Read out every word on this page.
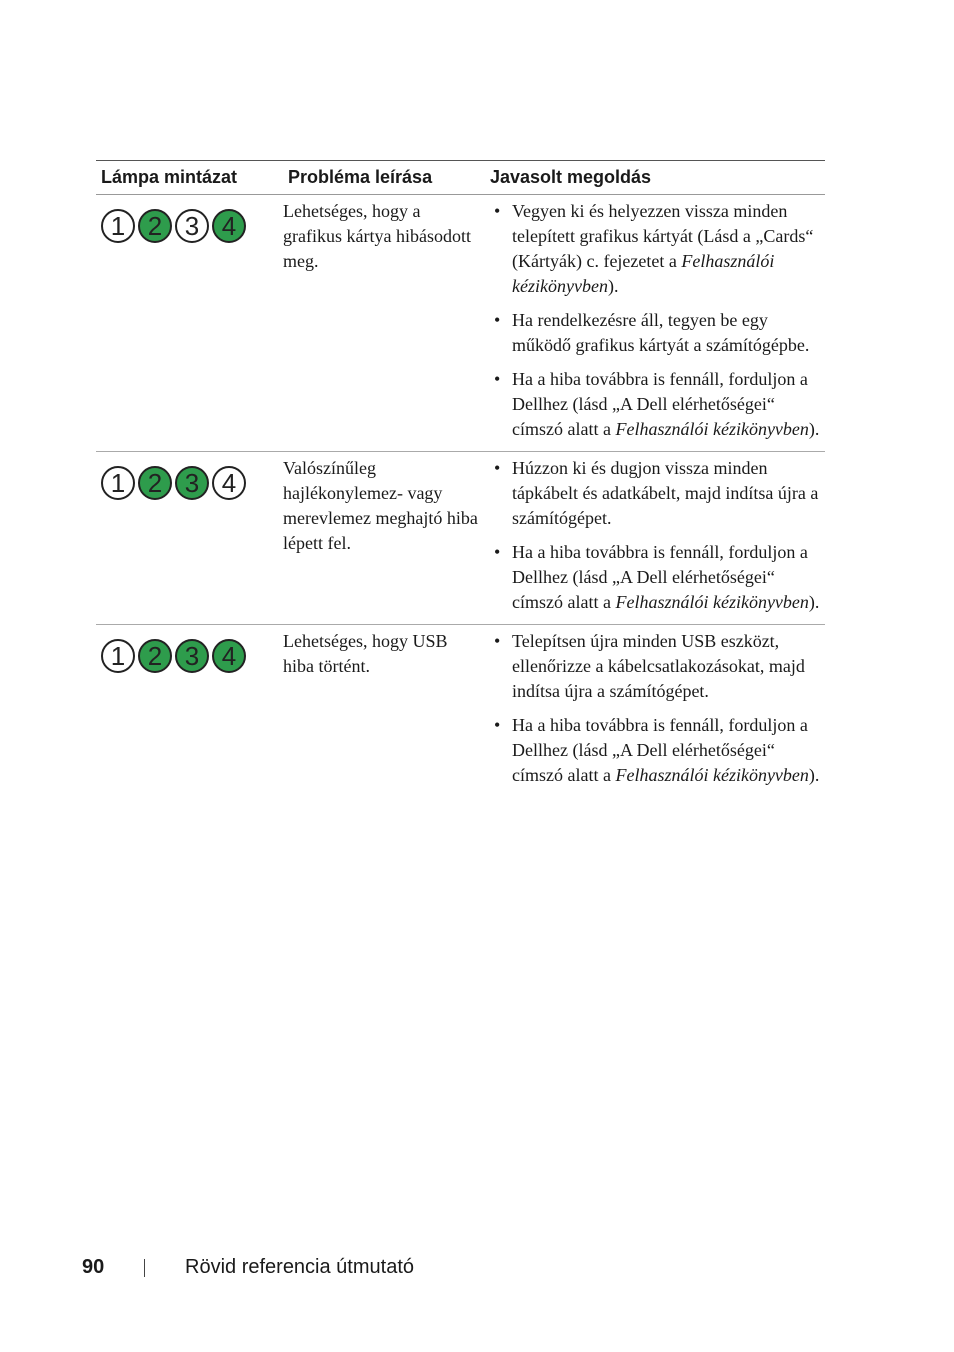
Lámpa mintázat	Probléma leírása	Javasolt megoldás
1 2 3 4	Lehetséges, hogy a grafikus kártya hibásodott meg.
• Vegyen ki és helyezzen vissza minden telepített grafikus kártyát (Lásd a „Cards“ (Kártyák) c. fejezetet a Felhasználói kézikönyvben).
• Ha rendelkezésre áll, tegyen be egy működő grafikus kártyát a számítógépbe.
• Ha a hiba továbbra is fennáll, forduljon a Dellhez (lásd „A Dell elérhetőségei“ címszó alatt a Felhasználói kézikönyvben).
1 2 3 4	Valószínűleg hajlékonylemez- vagy merevlemez meghajtó hiba lépett fel.
• Húzzon ki és dugjon vissza minden tápkábelt és adatkábelt, majd indítsa újra a számítógépet.
• Ha a hiba továbbra is fennáll, forduljon a Dellhez (lásd „A Dell elérhetőségei“ címszó alatt a Felhasználói kézikönyvben).
1 2 3 4	Lehetséges, hogy USB hiba történt.
• Telepítsen újra minden USB eszközt, ellenőrizze a kábelcsatlakozásokat, majd indítsa újra a számítógépet.
• Ha a hiba továbbra is fennáll, forduljon a Dellhez (lásd „A Dell elérhetőségei“ címszó alatt a Felhasználói kézikönyvben).
90	Rövid referencia útmutató
